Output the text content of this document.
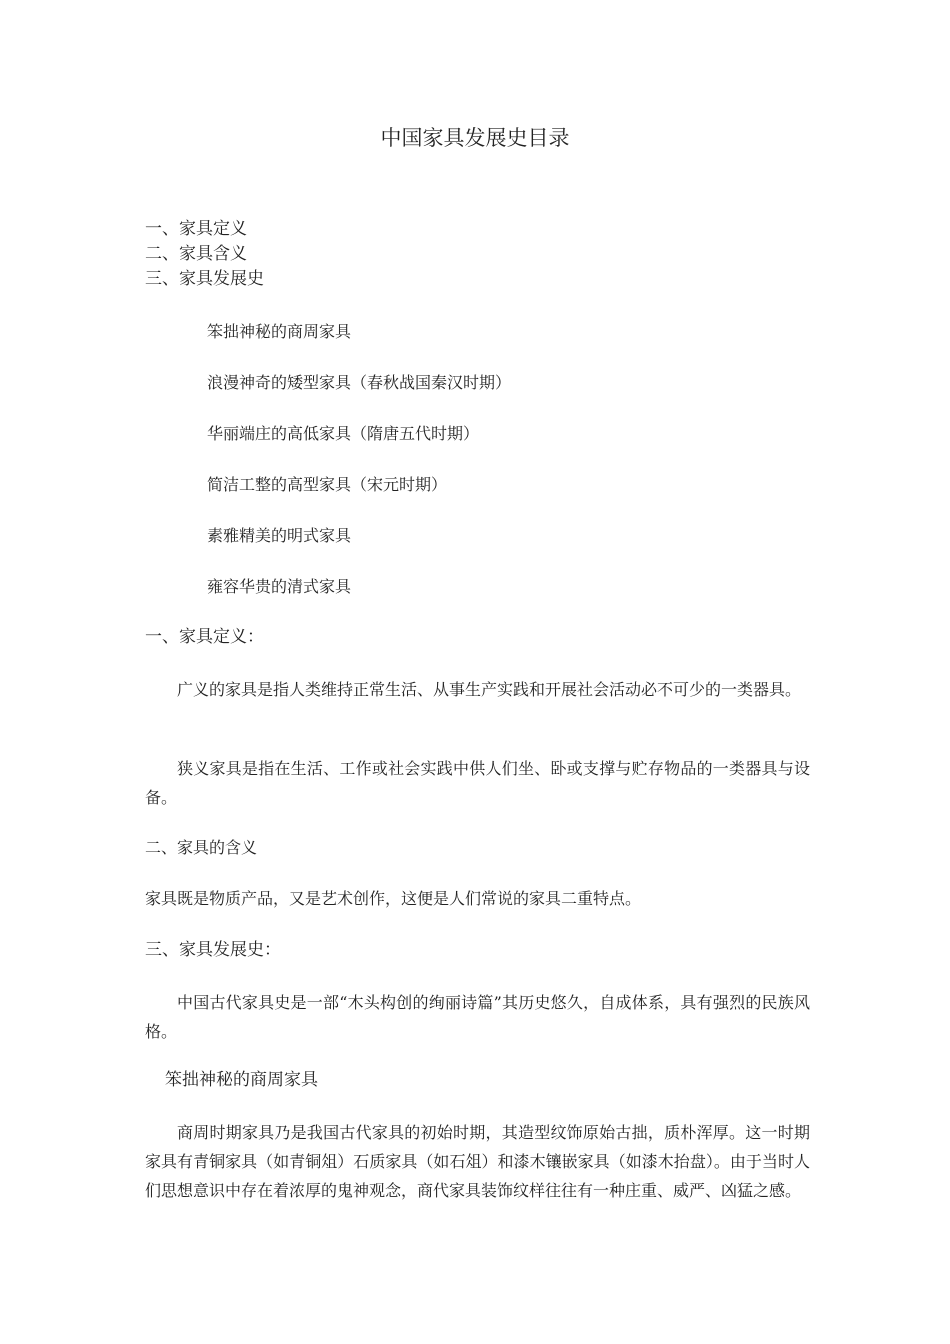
中国家具发展史目录
一、家具定义
二、家具含义
三、家具发展史
笨拙神秘的商周家具
浪漫神奇的矮型家具（春秋战国秦汉时期）
华丽端庄的高低家具（隋唐五代时期）
简洁工整的高型家具（宋元时期）
素雅精美的明式家具
雍容华贵的清式家具
一、家具定义：
广义的家具是指人类维持正常生活、从事生产实践和开展社会活动必不可少的一类器具。
狭义家具是指在生活、工作或社会实践中供人们坐、卧或支撑与贮存物品的一类器具与设备。
二、家具的含义
家具既是物质产品，又是艺术创作，这便是人们常说的家具二重特点。
三、家具发展史：
中国古代家具史是一部“木头构创的绚丽诗篇”其历史悠久，自成体系，具有强烈的民族风格。
笨拙神秘的商周家具
商周时期家具乃是我国古代家具的初始时期，其造型纹饰原始古拙，质朴浑厚。这一时期家具有青铜家具（如青铜俎）石质家具（如石俎）和漆木镶嵌家具（如漆木抬盘）。由于当时人们思想意识中存在着浓厚的鬼神观念，商代家具装饰纹样往往有一种庄重、威严、凶猛之感。
